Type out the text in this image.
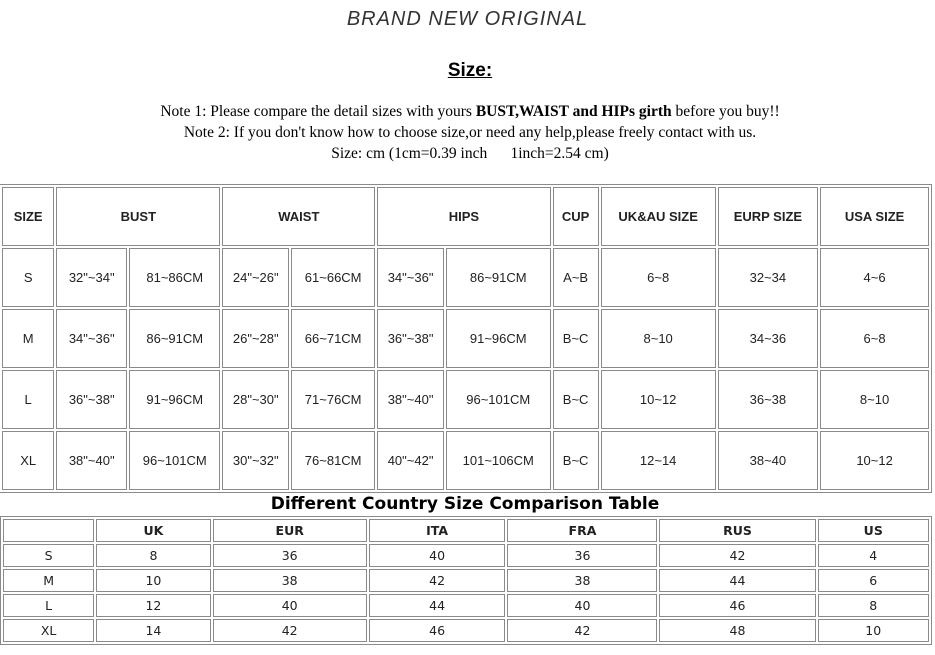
BRAND NEW ORIGINAL
Size:
Note 1: Please compare the detail sizes with yours BUST,WAIST and HIPs girth before you buy!!
Note 2: If you don't know how to choose size,or need any help,please freely contact with us.
Size: cm (1cm=0.39 inch      1inch=2.54 cm)
SIZE	BUST		WAIST		HIPS		CUP	UK&AU SIZE	EURP SIZE	USA SIZE
S	32"~34"	81~86CM	24"~26"	61~66CM	34"~36"	86~91CM	A~B	6~8	32~34	4~6
M	34"~36"	86~91CM	26"~28"	66~71CM	36"~38"	91~96CM	B~C	8~10	34~36	6~8
L	36"~38"	91~96CM	28"~30"	71~76CM	38"~40"	96~101CM	B~C	10~12	36~38	8~10
XL	38"~40"	96~101CM	30"~32"	76~81CM	40"~42"	101~106CM	B~C	12~14	38~40	10~12
Different Country Size Comparison Table
	UK	EUR	ITA	FRA	RUS	US
S	8	36	40	36	42	4
M	10	38	42	38	44	6
L	12	40	44	40	46	8
XL	14	42	46	42	48	10
